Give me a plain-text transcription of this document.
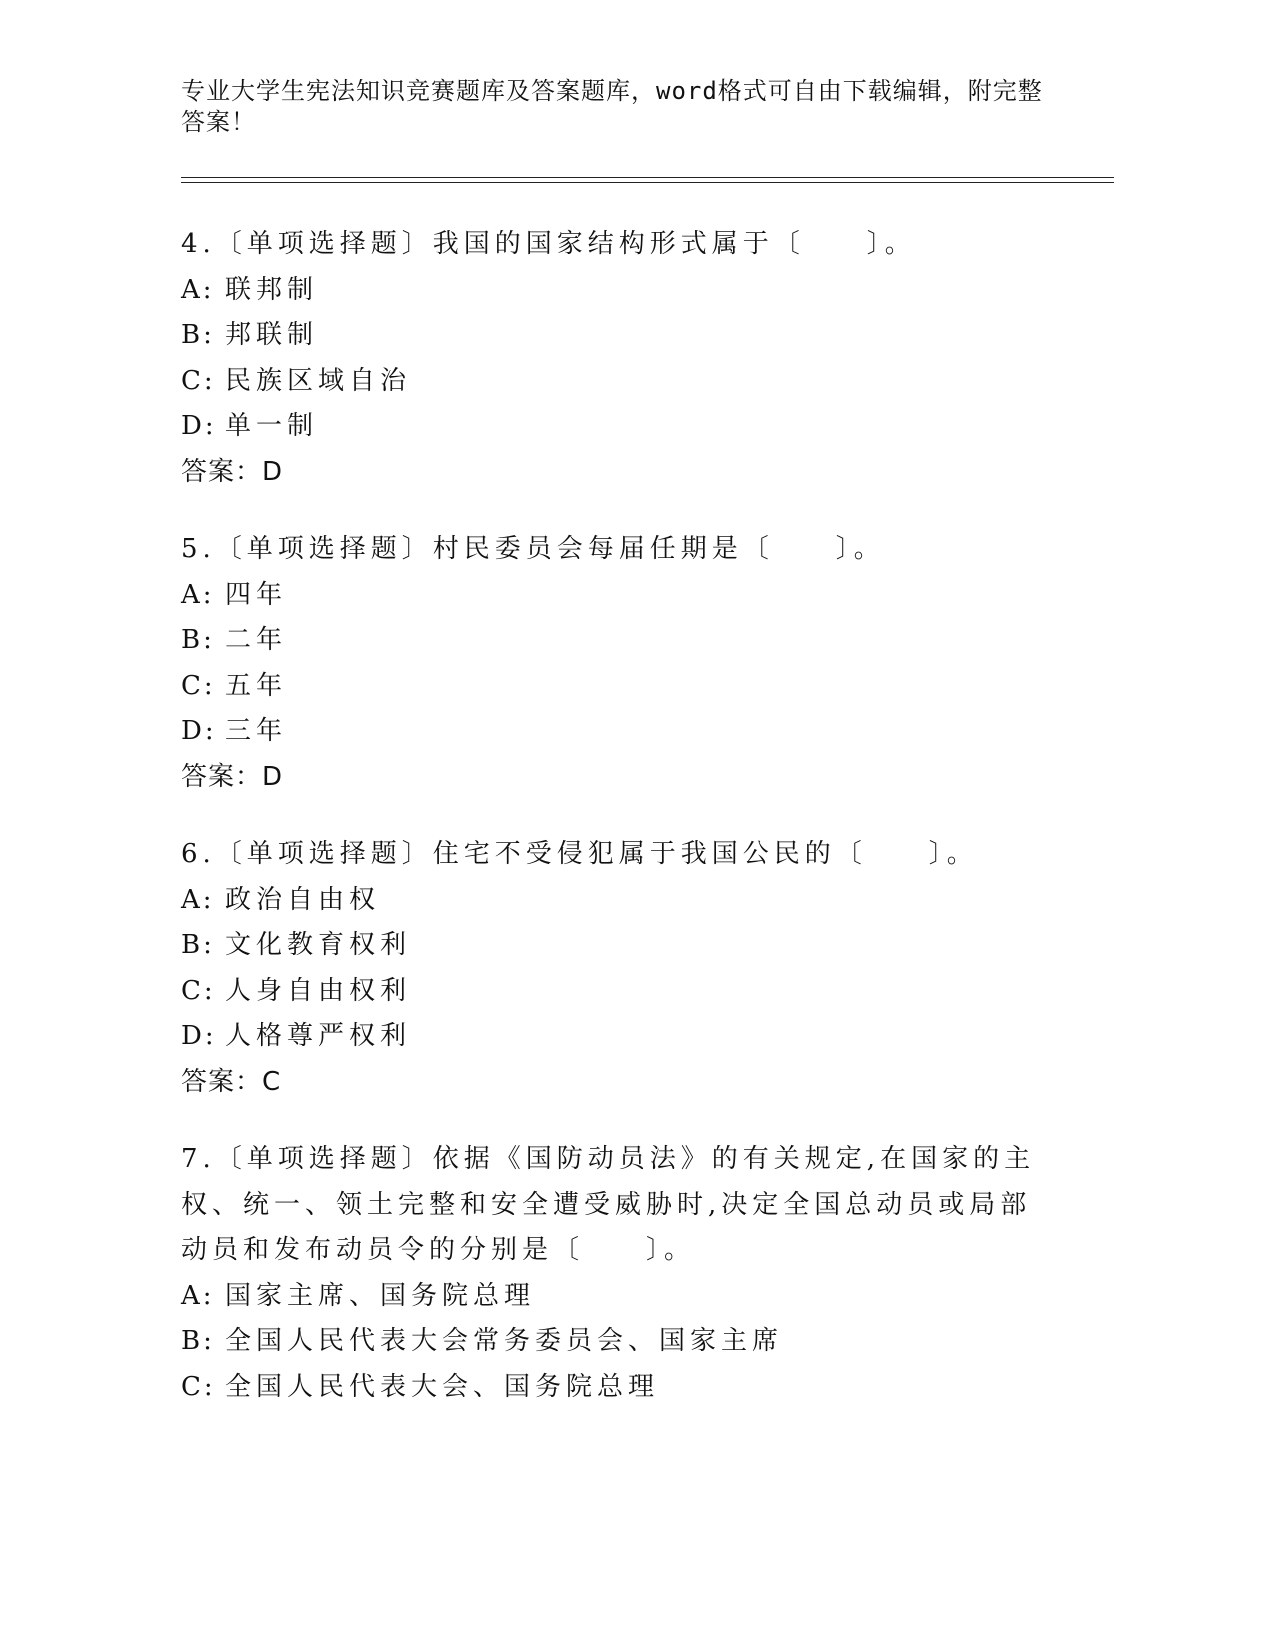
专业大学生宪法知识竞赛题库及答案题库，word格式可自由下载编辑，附完整答案！

4.〔单项选择题〕我国的国家结构形式属于〔　　〕。

A: 联邦制
B: 邦联制
C: 民族区域自治
D: 单一制

答案：D

5.〔单项选择题〕村民委员会每届任期是〔　　〕。

A: 四年
B: 二年
C: 五年
D: 三年

答案：D

6.〔单项选择题〕住宅不受侵犯属于我国公民的〔　　〕。

A: 政治自由权
B: 文化教育权利
C: 人身自由权利
D: 人格尊严权利

答案：C

7.〔单项选择题〕依据《国防动员法》的有关规定,在国家的主权、统一、领土完整和安全遭受威胁时,决定全国总动员或局部动员和发布动员令的分别是〔　　〕。

A: 国家主席、国务院总理
B: 全国人民代表大会常务委员会、国家主席
C: 全国人民代表大会、国务院总理
